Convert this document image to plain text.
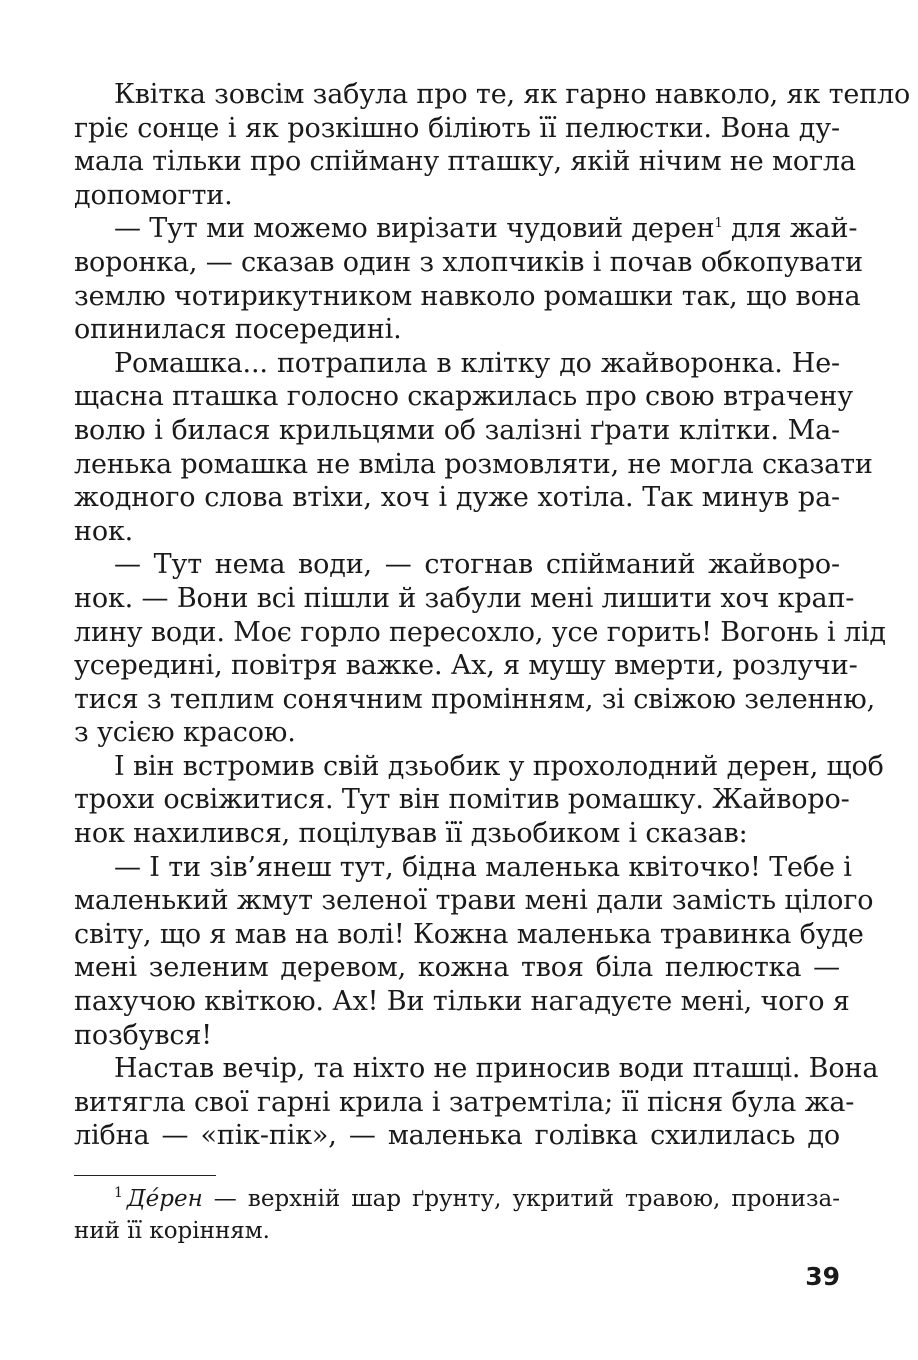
Квітка зовсім забула про те, як гарно навколо, як тепло
гріє сонце і як розкішно біліють її пелюстки. Вона ду-
мала тільки про спійману пташку, якій нічим не могла
допомогти.

— Тут ми можемо вирізати чудовий дерен$^1$ для жай-
воронка, — сказав один з хлопчиків і почав обкопувати
землю чотирикутником навколо ромашки так, що вона
опинилася посередині.

Ромашка... потрапила в клітку до жайворонка. Не-
щасна пташка голосно скаржилась про свою втрачену
волю і билася крильцями об залізні ґрати клітки. Ма-
ленька ромашка не вміла розмовляти, не могла сказати
жодного слова втіхи, хоч і дуже хотіла. Так минув ра-
нок.

— Тут нема води, — стогнав спійманий жайворо-
нок. — Вони всі пішли й забули мені лишити хоч крап-
лину води. Моє горло пересохло, усе горить! Вогонь і лід
усередині, повітря важке. Ах, я мушу вмерти, розлучи-
тися з теплим сонячним промінням, зі свіжою зеленню,
з усією красою.

І він встромив свій дзьобик у прохолодний дерен, щоб
трохи освіжитися. Тут він помітив ромашку. Жайворо-
нок нахилився, поцілував її дзьобиком і сказав:

— І ти зів’янеш тут, бідна маленька квіточко! Тебе і
маленький жмут зеленої трави мені дали замість цілого
світу, що я мав на волі! Кожна маленька травинка буде
мені зеленим деревом, кожна твоя біла пелюстка —
пахучою квіткою. Ах! Ви тільки нагадуєте мені, чого я
позбувся!

Настав вечір, та ніхто не приносив води пташці. Вона
витягла свої гарні крила і затремтіла; її пісня була жа-
лібна — «пік-пік», — маленька голівка схилилась до

$^1$ Де́рен — верхній шар ґрунту, укритий травою, прониза-
ний її корінням.
39
